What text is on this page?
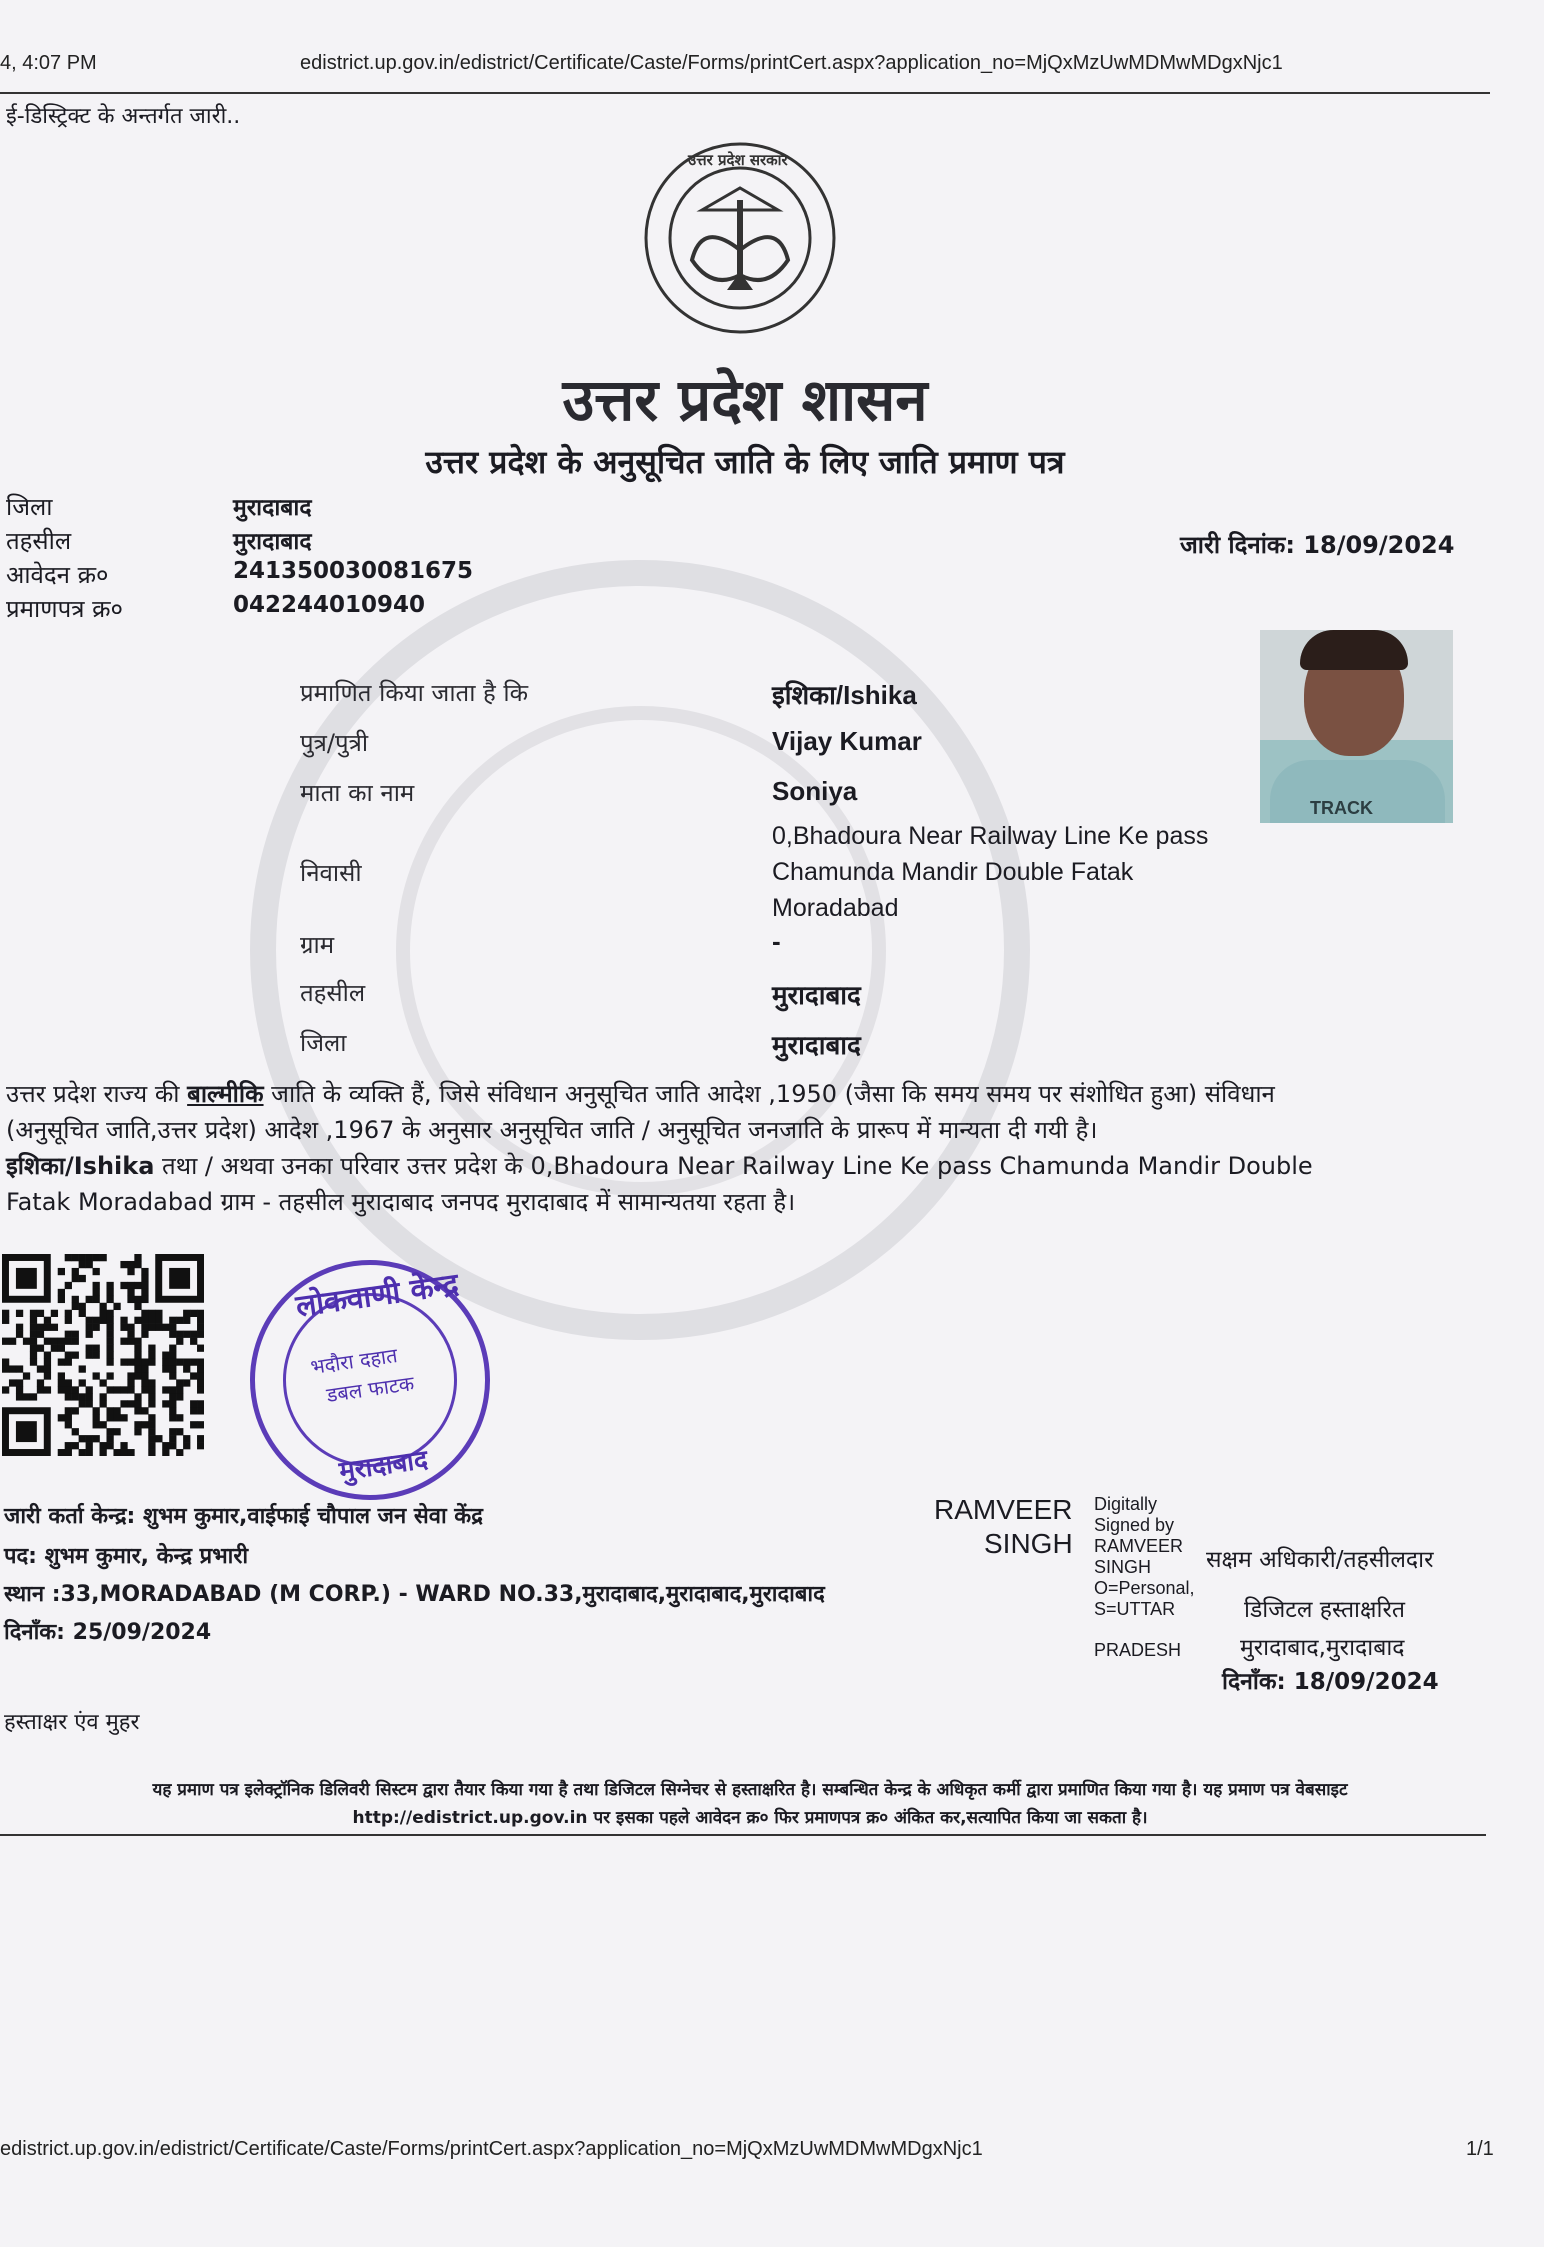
4, 4:07 PM	edistrict.up.gov.in/edistrict/Certificate/Caste/Forms/printCert.aspx?application_no=MjQxMzUwMDMwMDgxNjc1
ई-डिस्ट्रिक्ट के अन्तर्गत जारी..
उत्तर प्रदेश सरकार
उत्तर प्रदेश शासन
उत्तर प्रदेश के अनुसूचित जाति के लिए जाति प्रमाण पत्र
जिला	मुरादाबाद
तहसील	मुरादाबाद
आवेदन क्र०	241350030081675
प्रमाणपत्र क्र०	042244010940
जारी दिनांक: 18/09/2024
TRACK
प्रमाणित किया जाता है कि	इशिका/Ishika
पुत्र/पुत्री	Vijay Kumar
माता का नाम	Soniya
0,Bhadoura Near Railway Line Ke pass
निवासी	Chamunda Mandir Double Fatak
Moradabad
ग्राम	-
तहसील	मुरादाबाद
जिला	मुरादाबाद
उत्तर प्रदेश राज्य की बाल्मीकि जाति के व्यक्ति हैं, जिसे संविधान अनुसूचित जाति आदेश ,1950 (जैसा कि समय समय पर संशोधित हुआ) संविधान
(अनुसूचित जाति,उत्तर प्रदेश) आदेश ,1967 के अनुसार अनुसूचित जाति / अनुसूचित जनजाति के प्रारूप में मान्यता दी गयी है।
इशिका/Ishika तथा / अथवा उनका परिवार उत्तर प्रदेश के 0,Bhadoura Near Railway Line Ke pass Chamunda Mandir Double
Fatak Moradabad ग्राम - तहसील मुरादाबाद जनपद मुरादाबाद में सामान्यतया रहता है।
लोकवाणी केन्द्र
भदौरा दहात
डबल फाटक
मुरादाबाद
जारी कर्ता केन्द्र: शुभम कुमार,वाईफाई चौपाल जन सेवा केंद्र
पद: शुभम कुमार, केन्द्र प्रभारी
स्थान :33,MORADABAD (M CORP.) - WARD NO.33,मुरादाबाद,मुरादाबाद,मुरादाबाद
दिनाँक: 25/09/2024
हस्ताक्षर एंव मुहर
RAMVEER
SINGH
Digitally
Signed by
RAMVEER
SINGH
O=Personal,
S=UTTAR
PRADESH
सक्षम अधिकारी/तहसीलदार
डिजिटल हस्ताक्षरित
मुरादाबाद,मुरादाबाद
दिनाँक: 18/09/2024
यह प्रमाण पत्र इलेक्ट्रॉनिक डिलिवरी सिस्टम द्वारा तैयार किया गया है तथा डिजिटल सिग्नेचर से हस्ताक्षरित है। सम्बन्धित केन्द्र के अधिकृत कर्मी द्वारा प्रमाणित किया गया है। यह प्रमाण पत्र वेबसाइट
http://edistrict.up.gov.in पर इसका पहले आवेदन क्र० फिर प्रमाणपत्र क्र० अंकित कर,सत्यापित किया जा सकता है।
edistrict.up.gov.in/edistrict/Certificate/Caste/Forms/printCert.aspx?application_no=MjQxMzUwMDMwMDgxNjc1	1/1
